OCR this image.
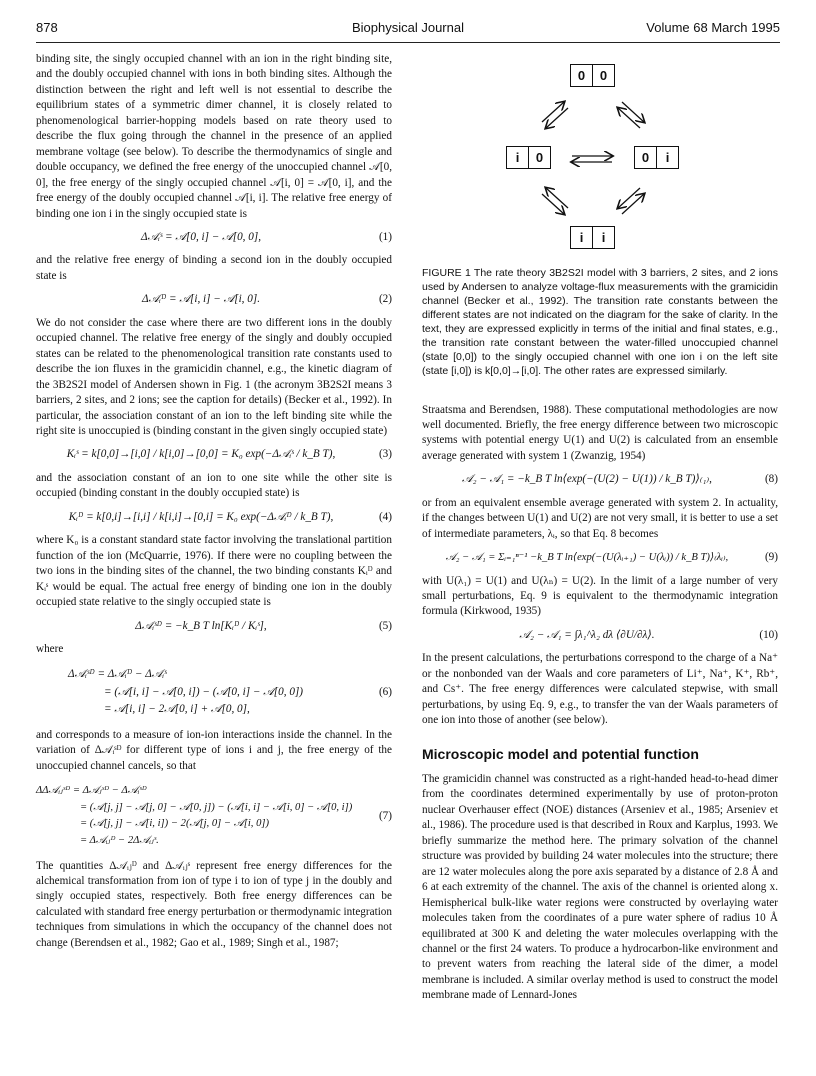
878	Biophysical Journal	Volume 68 March 1995

binding site, the singly occupied channel with an ion in the right binding site, and the doubly occupied channel with ions in both binding sites. Although the distinction between the right and left well is not essential to describe the equilibrium states of a symmetric dimer channel, it is closely related to phenomenological barrier-hopping models based on rate theory used to describe the flux going through the channel in the presence of an applied membrane voltage (see below). To describe the thermodynamics of single and double occupancy, we defined the free energy of the unoccupied channel 𝒜[0, 0], the free energy of the singly occupied channel 𝒜[i, 0] = 𝒜[0, i], and the free energy of the doubly occupied channel 𝒜[i, i]. The relative free energy of binding one ion i in the singly occupied state is

Δ𝒜ᵢˢ = 𝒜[0, i] − 𝒜[0, 0],	(1)

and the relative free energy of binding a second ion in the doubly occupied state is

Δ𝒜ᵢᴰ = 𝒜[i, i] − 𝒜[i, 0].	(2)

We do not consider the case where there are two different ions in the doubly occupied channel. The relative free energy of the singly and doubly occupied states can be related to the phenomenological transition rate constants used to describe the ion fluxes in the gramicidin channel, e.g., the kinetic diagram of the 3B2S2I model of Andersen shown in Fig. 1 (the acronym 3B2S2I means 3 barriers, 2 sites, and 2 ions; see the caption for details) (Becker et al., 1992). In particular, the association constant of an ion to the left binding site while the right site is unoccupied is (binding constant in the given singly occupied state)

Kᵢˢ = k[0,0]→[i,0] / k[i,0]→[0,0] = K₀ exp(−Δ𝒜ᵢˢ / k_B T),	(3)

and the association constant of an ion to one site while the other site is occupied (binding constant in the doubly occupied state) is

Kᵢᴰ = k[0,i]→[i,i] / k[i,i]→[0,i] = K₀ exp(−Δ𝒜ᵢᴰ / k_B T),	(4)

where K₀ is a constant standard state factor involving the translational partition function of the ion (McQuarrie, 1976). If there were no coupling between the two ions in the binding sites of the channel, the two binding constants Kᵢᴰ and Kᵢˢ would be equal. The actual free energy of binding one ion in the doubly occupied state relative to the singly occupied state is

Δ𝒜ᵢˢᴰ = −k_B T ln[Kᵢᴰ / Kᵢˢ],	(5)

where

Δ𝒜ᵢˢᴰ = Δ𝒜ᵢᴰ − Δ𝒜ᵢˢ
= (𝒜[i, i] − 𝒜[0, i]) − (𝒜[0, i] − 𝒜[0, 0])
= 𝒜[i, i] − 2𝒜[0, i] + 𝒜[0, 0],
(6)

and corresponds to a measure of ion-ion interactions inside the channel. In the variation of Δ𝒜ᵢˢᴰ for different type of ions i and j, the free energy of the unoccupied channel cancels, so that

ΔΔ𝒜ᵢⱼˢᴰ = Δ𝒜ⱼˢᴰ − Δ𝒜ᵢˢᴰ
= (𝒜[j, j] − 𝒜[j, 0] − 𝒜[0, j]) − (𝒜[i, i] − 𝒜[i, 0] − 𝒜[0, i])
= (𝒜[j, j] − 𝒜[i, i]) − 2(𝒜[j, 0] − 𝒜[i, 0])
= Δ𝒜ᵢⱼᴰ − 2Δ𝒜ᵢⱼˢ.
(7)

The quantities Δ𝒜ᵢⱼᴰ and Δ𝒜ᵢⱼˢ represent free energy differences for the alchemical transformation from ion of type i to ion of type j in the doubly and singly occupied states, respectively. Both free energy differences can be calculated with standard free energy perturbation or thermodynamic integration techniques from simulations in which the occupancy of the channel does not change (Berendsen et al., 1982; Gao et al., 1989; Singh et al., 1987;

0	0
i	0	0	i
i	i

FIGURE 1 The rate theory 3B2S2I model with 3 barriers, 2 sites, and 2 ions used by Andersen to analyze voltage-flux measurements with the gramicidin channel (Becker et al., 1992). The transition rate constants between the different states are not indicated on the diagram for the sake of clarity. In the text, they are expressed explicitly in terms of the initial and final states, e.g., the transition rate constant between the water-filled unoccupied channel (state [0,0]) to the singly occupied channel with one ion i on the left site (state [i,0]) is k[0,0]→[i,0]. The other rates are expressed similarly.

Straatsma and Berendsen, 1988). These computational methodologies are now well documented. Briefly, the free energy difference between two microscopic systems with potential energy U(1) and U(2) is calculated from an ensemble average generated with system 1 (Zwanzig, 1954)

𝒜₂ − 𝒜₁ = −k_B T ln⟨exp(−(U(2) − U(1)) / k_B T)⟩₍₁₎,	(8)

or from an equivalent ensemble average generated with system 2. In actuality, if the changes between U(1) and U(2) are not very small, it is better to use a set of intermediate parameters, λᵢ, so that Eq. 8 becomes

𝒜₂ − 𝒜₁ = Σᵢ₌₁ⁿ⁻¹ −k_B T ln⟨exp(−(U(λᵢ₊₁) − U(λᵢ)) / k_B T)⟩₍λᵢ₎,	(9)

with U(λ₁) = U(1) and U(λₙ) = U(2). In the limit of a large number of very small perturbations, Eq. 9 is equivalent to the thermodynamic integration formula (Kirkwood, 1935)

𝒜₂ − 𝒜₁ = ∫λ₁^λ₂ dλ ⟨∂U/∂λ⟩.	(10)

In the present calculations, the perturbations correspond to the charge of a Na⁺ or the nonbonded van der Waals and core parameters of Li⁺, Na⁺, K⁺, Rb⁺, and Cs⁺. The free energy differences were calculated stepwise, with small perturbations, by using Eq. 9, e.g., to transfer the van der Waals parameters of one ion into those of another (see below).

Microscopic model and potential function

The gramicidin channel was constructed as a right-handed head-to-head dimer from the coordinates determined experimentally by use of proton-proton nuclear Overhauser effect (NOE) distances (Arseniev et al., 1985; Arseniev et al., 1986). The procedure used is that described in Roux and Karplus, 1993. We briefly summarize the method here. The primary solvation of the channel structure was provided by building 24 water molecules into the structure; there are 12 water molecules along the pore axis separated by a distance of 2.8 Å and 6 at each extremity of the channel. The axis of the channel is oriented along x. Hemispherical bulk-like water regions were constructed by overlaying water molecules taken from the coordinates of a pure water sphere of radius 10 Å equilibrated at 300 K and deleting the water molecules overlapping with the channel or the first 24 waters. To produce a hydrocarbon-like environment and to prevent waters from reaching the lateral side of the dimer, a model membrane is included. A similar overlay method is used to construct the model membrane made of Lennard-Jones
